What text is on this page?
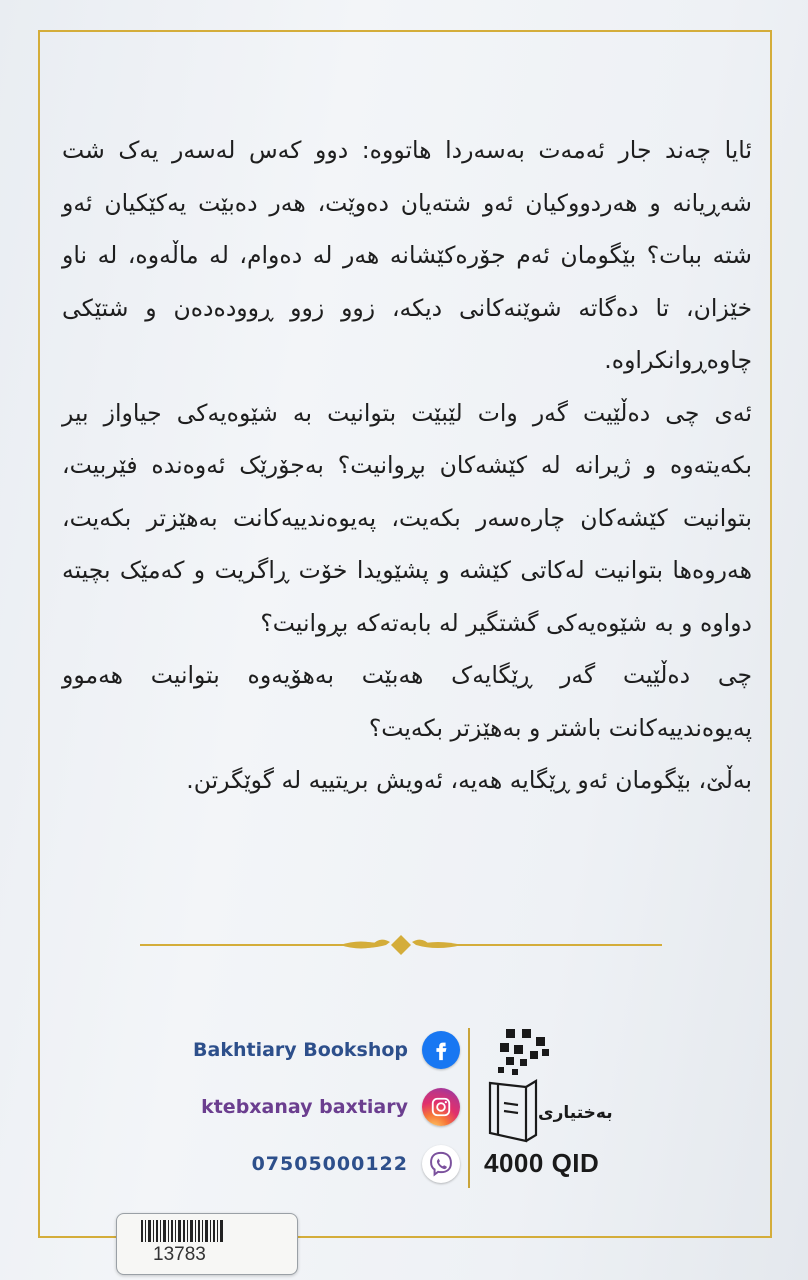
ئایا چەند جار ئەمەت بەسەردا هاتووە: دوو کەس لەسەر یەک شت شەڕیانە و هەردووکیان ئەو شتەیان دەوێت، هەر دەبێت یەکێکیان ئەو شتە ببات؟ بێگومان ئەم جۆرەکێشانە هەر لە دەوام، لە ماڵەوە، لە ناو خێزان، تا دەگاتە شوێنەکانی دیکە، زوو زوو ڕوودەدەن و شتێکی چاوەڕوانکراوە.

ئەی چی دەڵێیت گەر وات لێبێت بتوانیت بە شێوەیەکی جیاواز بیر بکەیتەوە و ژیرانە لە کێشەکان بڕوانیت؟ بەجۆرێک ئەوەندە فێربیت، بتوانیت کێشەکان چارەسەر بکەیت، پەیوەندییەکانت بەهێزتر بکەیت، هەروەها بتوانیت لەکاتی کێشە و پشێویدا خۆت ڕاگریت و کەمێک بچیتە دواوە و بە شێوەیەکی گشتگیر لە بابەتەکە بڕوانیت؟

چی دەڵێیت گەر ڕێگایەک هەبێت بەهۆیەوە بتوانیت هەموو پەیوەندییەکانت باشتر و بەهێزتر بکەیت؟

بەڵێ، بێگومان ئەو ڕێگایە هەیە، ئەویش بریتییە لە گوێگرتن.

Bakhtiary Bookshop
ktebxanay baxtiary
07505000122
بەختیاری
4000 QID
13783
